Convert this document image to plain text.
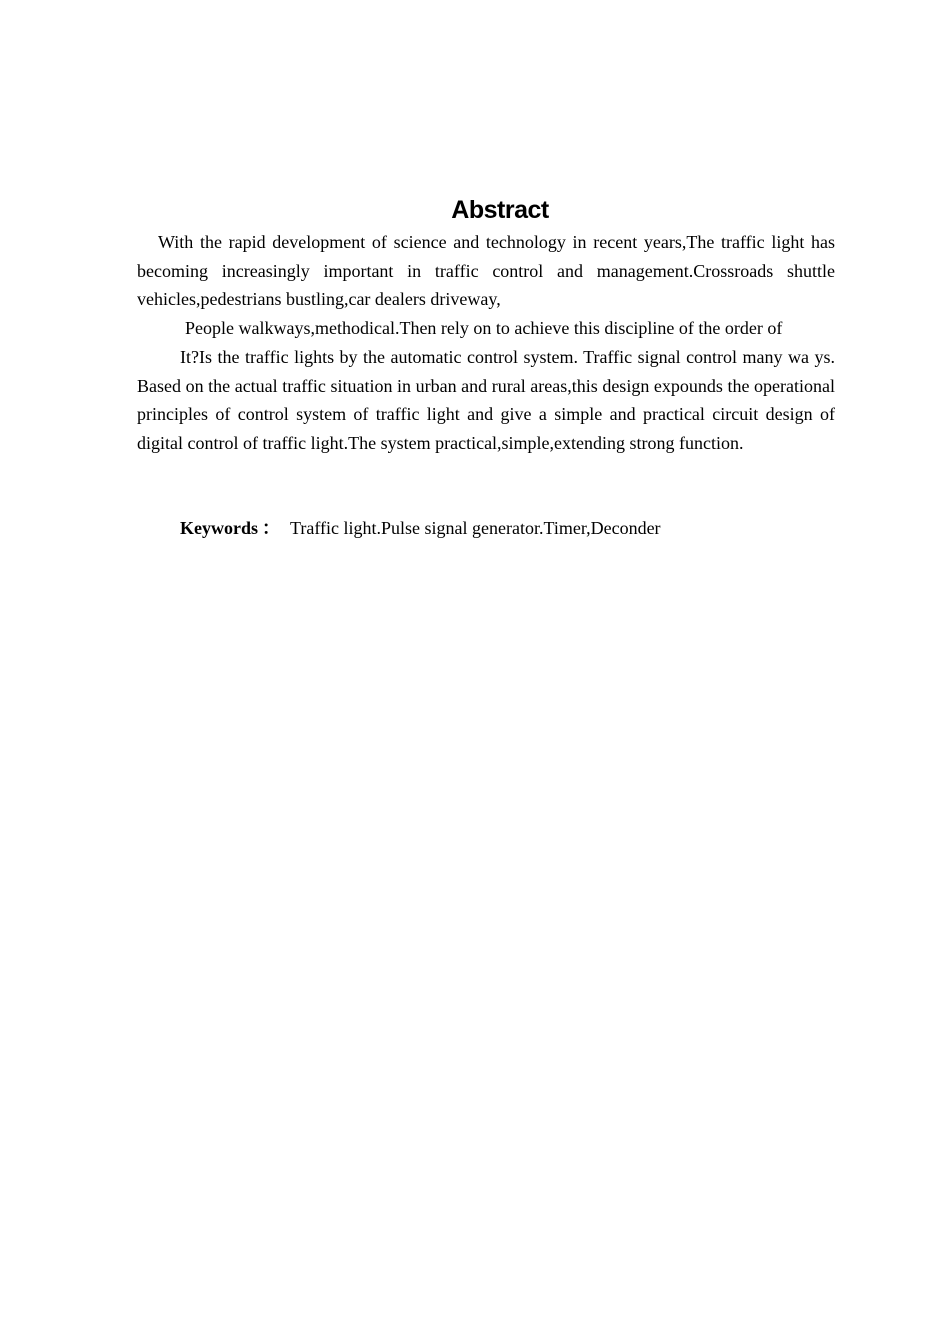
Abstract

With the rapid development of science and technology in recent years,The traffic light has becoming increasingly important in traffic control and management.Crossroads shuttle vehicles,pedestrians bustling,car dealers driveway,

People walkways,methodical.Then rely on to achieve this discipline of the order of

It?Is the traffic lights by the automatic control system. Traffic signal control many wa ys. Based on the actual traffic situation in urban and rural areas,this design expounds the operational principles of control system of traffic light and give a simple and practical circuit design of digital control of traffic light.The system practical,simple,extending strong function.

Keywords ： Traffic light.Pulse signal generator.Timer,Deconder
